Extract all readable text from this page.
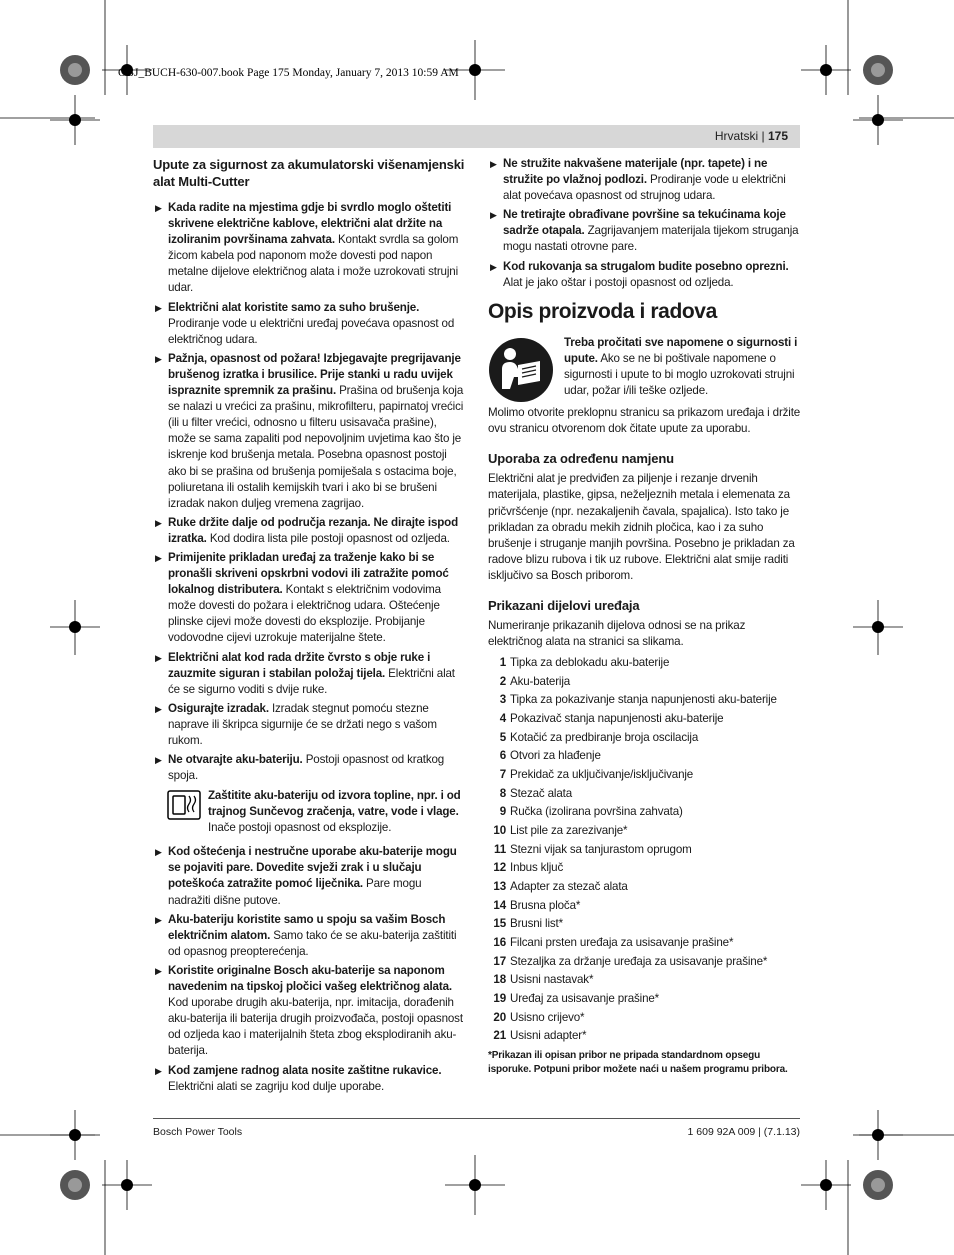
OBJ_BUCH-630-007.book Page 175 Monday, January 7, 2013 10:59 AM
Hrvatski | 175
Upute za sigurnost za akumulatorski višenamjenski alat Multi-Cutter
▶ Kada radite na mjestima gdje bi svrdlo moglo oštetiti skrivene električne kablove, električni alat držite na izoliranim površinama zahvata. Kontakt svrdla sa golom žicom kabela pod naponom može dovesti pod napon metalne dijelove električnog alata i može uzrokovati strujni udar.
▶ Električni alat koristite samo za suho brušenje. Prodiranje vode u električni uređaj povećava opasnost od električnog udara.
▶ Pažnja, opasnost od požara! Izbjegavajte pregrijavanje brušenog izratka i brusilice. Prije stanki u radu uvijek ispraznite spremnik za prašinu. Prašina od brušenja koja se nalazi u vrećici za prašinu, mikrofilteru, papirnatoj vrećici (ili u filter vrećici, odnosno u filteru usisavača prašine), može se sama zapaliti pod nepovoljnim uvjetima kao što je iskrenje kod brušenja metala. Posebna opasnost postoji ako bi se prašina od brušenja pomiješala s ostacima boje, poliuretana ili ostalih kemijskih tvari i ako bi se brušeni izradak nakon duljeg vremena zagrijao.
▶ Ruke držite dalje od područja rezanja. Ne dirajte ispod izratka. Kod dodira lista pile postoji opasnost od ozljeda.
▶ Primijenite prikladan uređaj za traženje kako bi se pronašli skriveni opskrbni vodovi ili zatražite pomoć lokalnog distributera. Kontakt s električnim vodovima može dovesti do požara i električnog udara. Oštećenje plinske cijevi može dovesti do eksplozije. Probijanje vodovodne cijevi uzrokuje materijalne štete.
▶ Električni alat kod rada držite čvrsto s obje ruke i zauzmite siguran i stabilan položaj tijela. Električni alat će se sigurno voditi s dvije ruke.
▶ Osigurajte izradak. Izradak stegnut pomoću stezne naprave ili škripca sigurnije će se držati nego s vašom rukom.
▶ Ne otvarajte aku-bateriju. Postoji opasnost od kratkog spoja.
Zaštitite aku-bateriju od izvora topline, npr. i od trajnog Sunčevog zračenja, vatre, vode i vlage. Inače postoji opasnost od eksplozije.
▶ Kod oštećenja i nestručne uporabe aku-baterije mogu se pojaviti pare. Dovedite svježi zrak i u slučaju poteškoća zatražite pomoć liječnika. Pare mogu nadražiti dišne putove.
▶ Aku-bateriju koristite samo u spoju sa vašim Bosch električnim alatom. Samo tako će se aku-baterija zaštititi od opasnog preopterećenja.
▶ Koristite originalne Bosch aku-baterije sa naponom navedenim na tipskoj pločici vašeg električnog alata. Kod uporabe drugih aku-baterija, npr. imitacija, dorađenih aku-baterija ili baterija drugih proizvođača, postoji opasnost od ozljeda kao i materijalnih šteta zbog eksplodiranih aku-baterija.
▶ Kod zamjene radnog alata nosite zaštitne rukavice. Električni alati se zagriju kod dulje uporabe.
▶ Ne stružite nakvašene materijale (npr. tapete) i ne stružite po vlažnoj podlozi. Prodiranje vode u električni alat povećava opasnost od strujnog udara.
▶ Ne tretirajte obrađivane površine sa tekućinama koje sadrže otapala. Zagrijavanjem materijala tijekom struganja mogu nastati otrovne pare.
▶ Kod rukovanja sa strugalom budite posebno oprezni. Alat je jako oštar i postoji opasnost od ozljeda.
Opis proizvoda i radova
Treba pročitati sve napomene o sigurnosti i upute. Ako se ne bi poštivale napomene o sigurnosti i upute to bi moglo uzrokovati strujni udar, požar i/ili teške ozljede.

Molimo otvorite preklopnu stranicu sa prikazom uređaja i držite ovu stranicu otvorenom dok čitate upute za uporabu.

Uporaba za određenu namjenu

Električni alat je predviđen za piljenje i rezanje drvenih materijala, plastike, gipsa, neželjeznih metala i elemenata za pričvršćenje (npr. nezakaljenih čavala, spajalica). Isto tako je prikladan za obradu mekih zidnih pločica, kao i za suho brušenje i struganje manjih površina. Posebno je prikladan za radove blizu rubova i tik uz rubove. Električni alat smije raditi isključivo sa Bosch priborom.

Prikazani dijelovi uređaja
Numeriranje prikazanih dijelova odnosi se na prikaz električnog alata na stranici sa slikama.
1 Tipka za deblokadu aku-baterije
2 Aku-baterija
3 Tipka za pokazivanje stanja napunjenosti aku-baterije
4 Pokazivač stanja napunjenosti aku-baterije
5 Kotačić za predbiranje broja oscilacija
6 Otvori za hlađenje
7 Prekidač za uključivanje/isključivanje
8 Stezač alata
9 Ručka (izolirana površina zahvata)
10 List pile za zarezivanje*
11 Stezni vijak sa tanjurastom oprugom
12 Inbus ključ
13 Adapter za stezač alata
14 Brusna ploča*
15 Brusni list*
16 Filcani prsten uređaja za usisavanje prašine*
17 Stezaljka za držanje uređaja za usisavanje prašine*
18 Usisni nastavak*
19 Uređaj za usisavanje prašine*
20 Usisno crijevo*
21 Usisni adapter*
*Prikazan ili opisan pribor ne pripada standardnom opsegu isporuke. Potpuni pribor možete naći u našem programu pribora.
Bosch Power Tools	1 609 92A 009 | (7.1.13)
